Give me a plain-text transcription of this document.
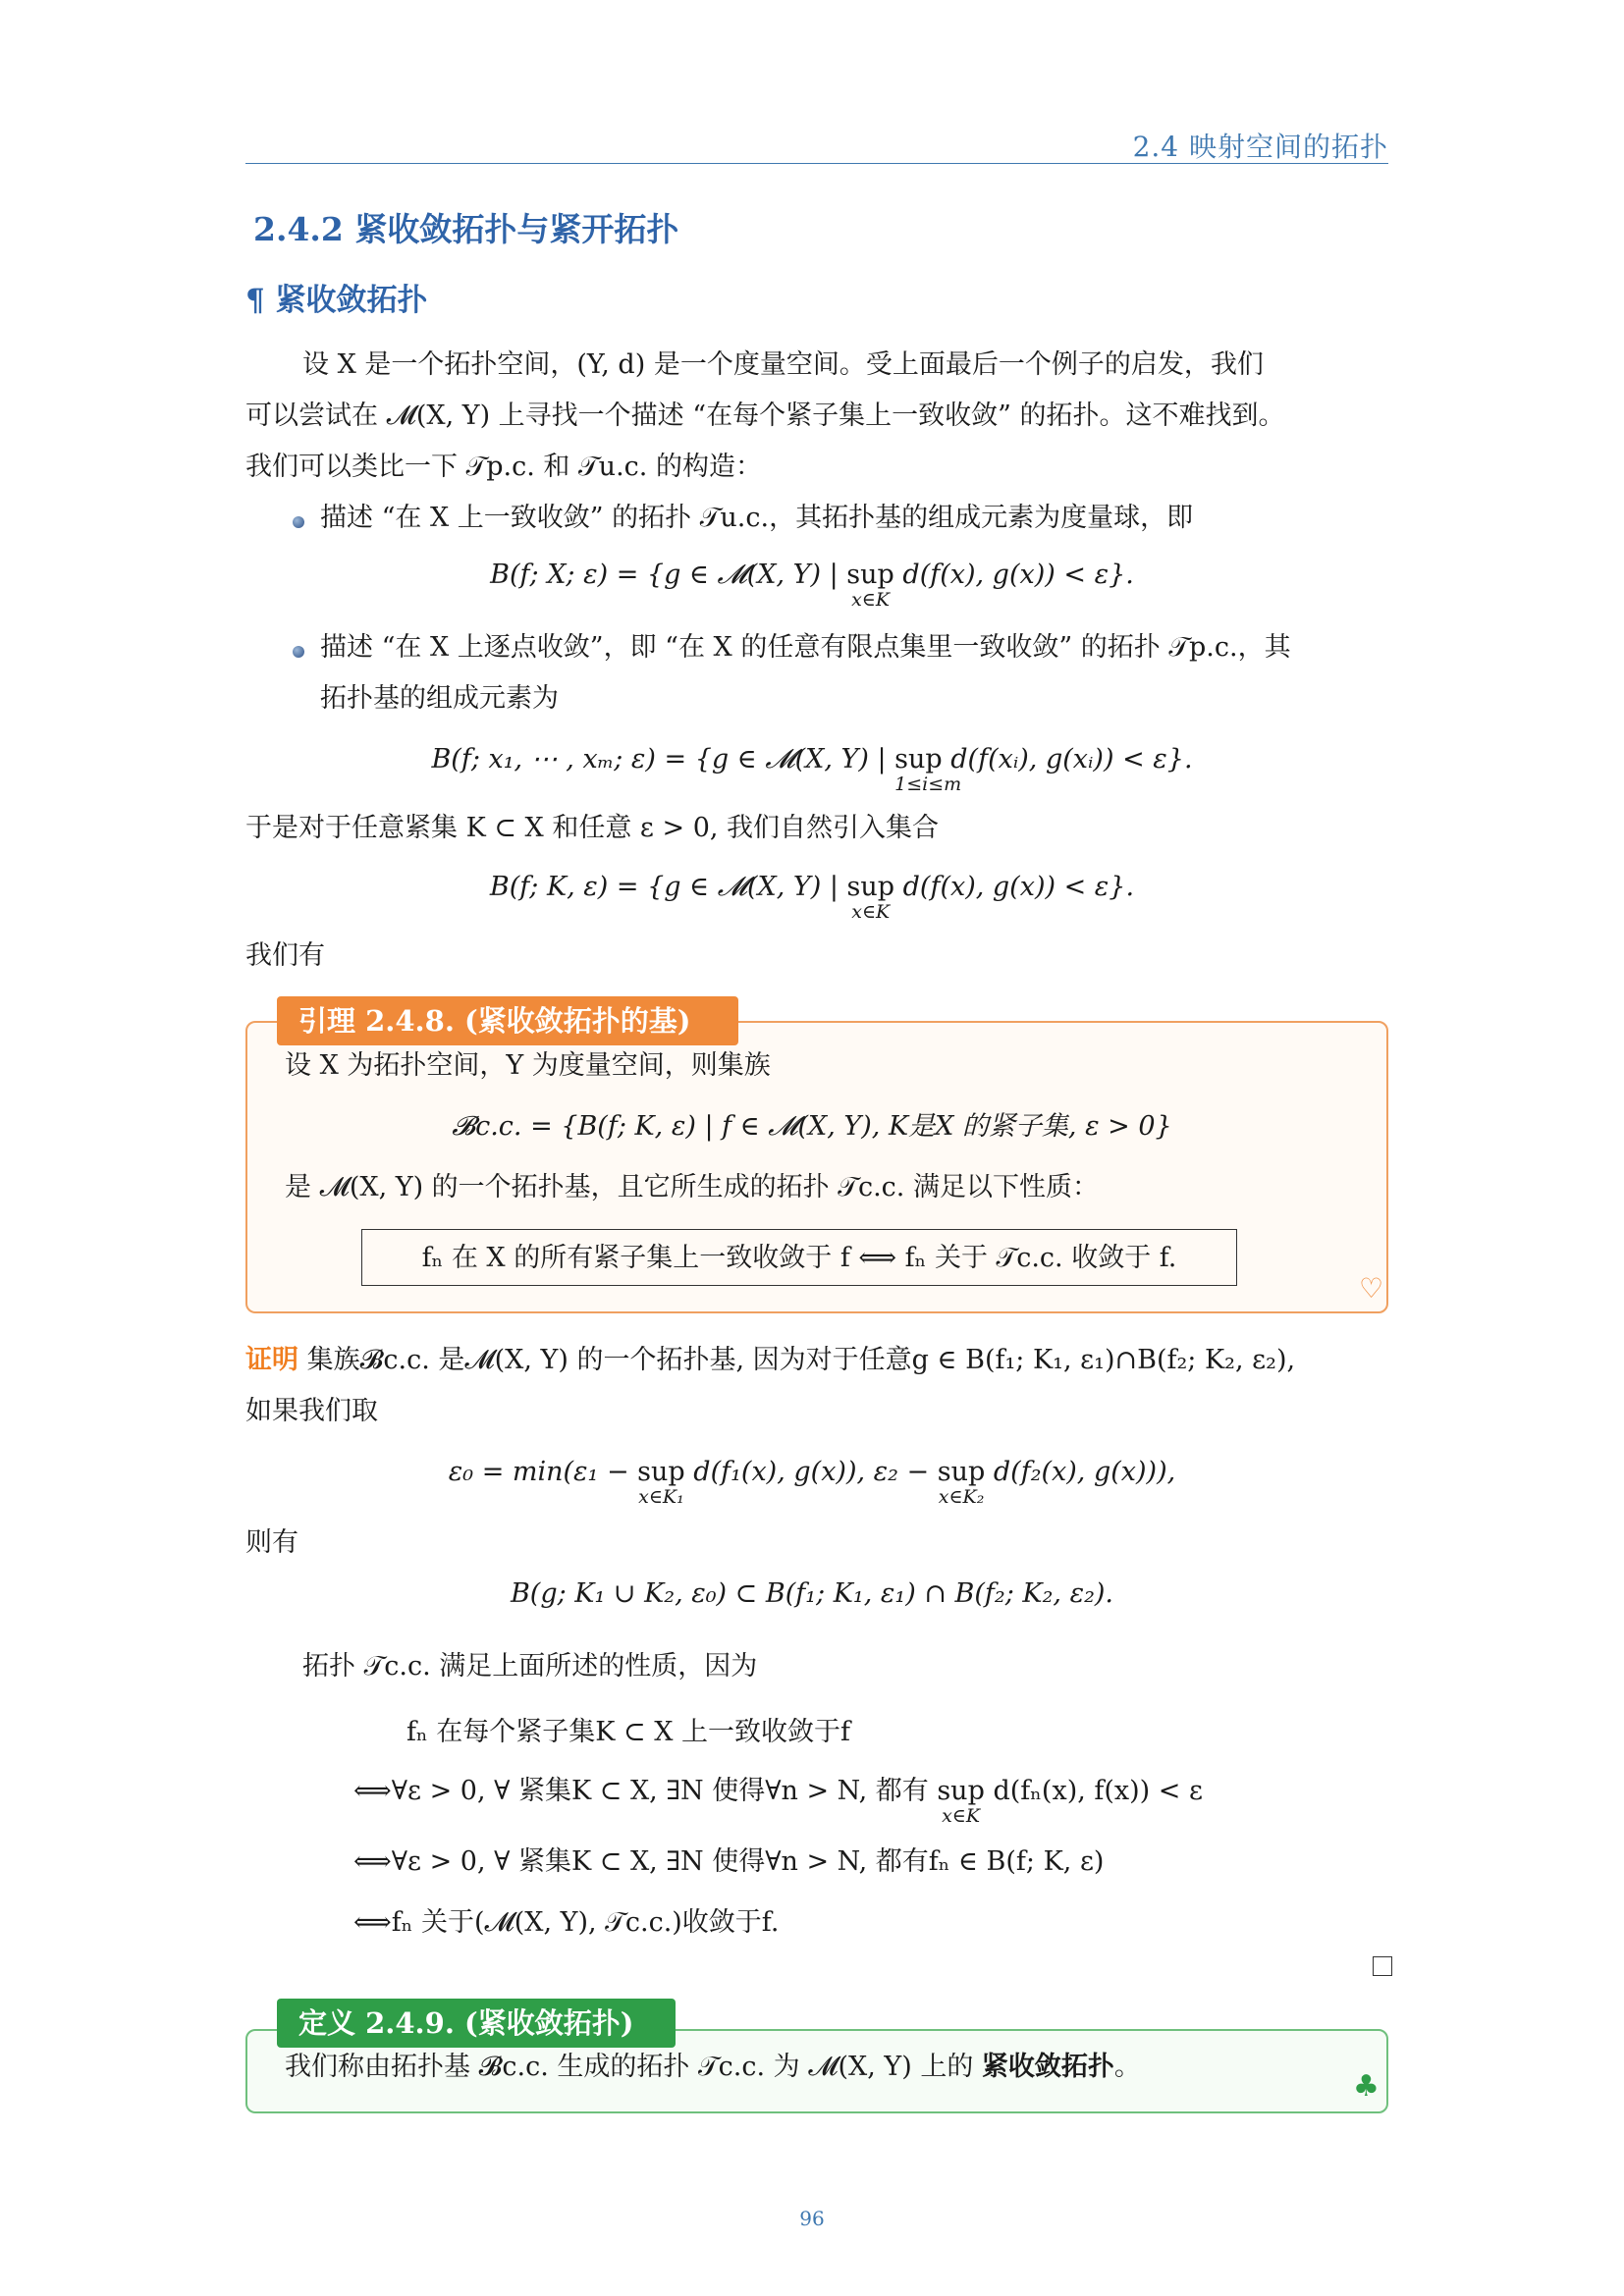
2.4 映射空间的拓扑
2.4.2 紧收敛拓扑与紧开拓扑
¶ 紧收敛拓扑
设 X 是一个拓扑空间，(Y, d) 是一个度量空间。受上面最后一个例子的启发，我们
可以尝试在 𝓜(X, Y) 上寻找一个描述 “在每个紧子集上一致收敛” 的拓扑。这不难找到。
我们可以类比一下 𝒯p.c. 和 𝒯u.c. 的构造：
描述 “在 X 上一致收敛” 的拓扑 𝒯u.c.，其拓扑基的组成元素为度量球，即
B(f; X; ε) = {g ∈ 𝓜(X, Y) | sup
x∈K
d(f(x), g(x)) < ε}.
描述 “在 X 上逐点收敛”，即 “在 X 的任意有限点集里一致收敛” 的拓扑 𝒯p.c.，其
拓扑基的组成元素为
B(f; x₁, ⋯ , xₘ; ε) = {g ∈ 𝓜(X, Y) | sup
1≤i≤m
d(f(xᵢ), g(xᵢ)) < ε}.
于是对于任意紧集 K ⊂ X 和任意 ε > 0, 我们自然引入集合
B(f; K, ε) = {g ∈ 𝓜(X, Y) | sup
x∈K
d(f(x), g(x)) < ε}.
我们有
引理 2.4.8. (紧收敛拓扑的基)
设 X 为拓扑空间，Y 为度量空间，则集族
𝓑c.c. = {B(f; K, ε) | f ∈ 𝓜(X, Y), K是X 的紧子集, ε > 0}
是 𝓜(X, Y) 的一个拓扑基，且它所生成的拓扑 𝒯c.c. 满足以下性质：
fₙ 在 X 的所有紧子集上一致收敛于 f ⟺ fₙ 关于 𝒯c.c. 收敛于 f.
♡
证明 集族𝓑c.c. 是𝓜(X, Y) 的一个拓扑基, 因为对于任意g ∈ B(f₁; K₁, ε₁)∩B(f₂; K₂, ε₂),
如果我们取
ε₀ = min(ε₁ − sup
x∈K₁
d(f₁(x), g(x)), ε₂ − sup
x∈K₂
d(f₂(x), g(x))),
则有
B(g; K₁ ∪ K₂, ε₀) ⊂ B(f₁; K₁, ε₁) ∩ B(f₂; K₂, ε₂).
拓扑 𝒯c.c. 满足上面所述的性质，因为
fₙ 在每个紧子集K ⊂ X 上一致收敛于f
⟺∀ε > 0, ∀ 紧集K ⊂ X, ∃N 使得∀n > N, 都有 sup
x∈K
d(fₙ(x), f(x)) < ε
⟺∀ε > 0, ∀ 紧集K ⊂ X, ∃N 使得∀n > N, 都有fₙ ∈ B(f; K, ε)
⟺fₙ 关于(𝓜(X, Y), 𝒯c.c.)收敛于f.
定义 2.4.9. (紧收敛拓扑)
我们称由拓扑基 𝓑c.c. 生成的拓扑 𝒯c.c. 为 𝓜(X, Y) 上的 紧收敛拓扑。
♣
96
